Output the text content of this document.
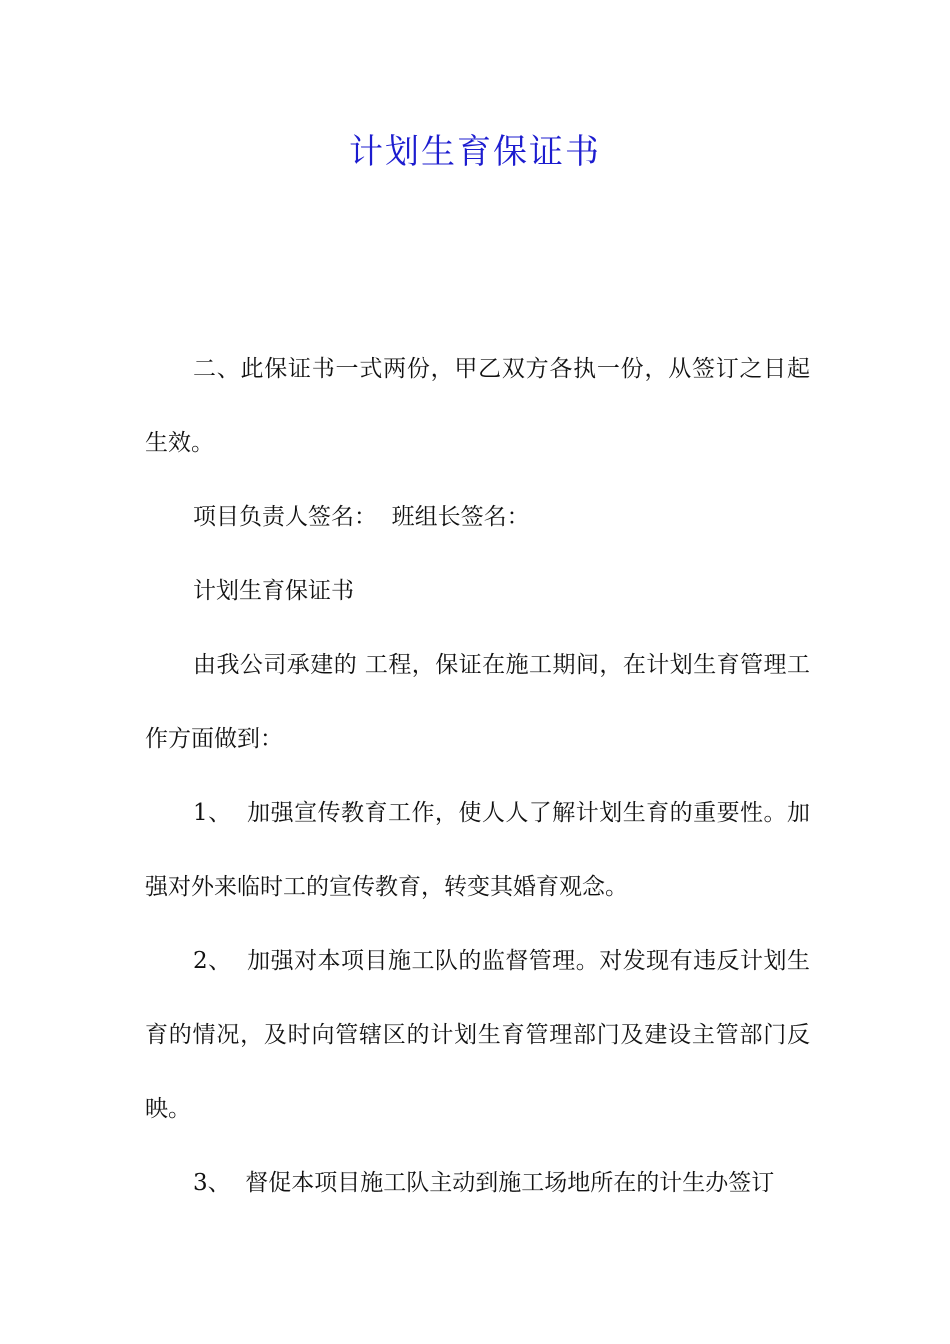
计划生育保证书

二、此保证书一式两份，甲乙双方各执一份，从签订之日起生效。

项目负责人签名：  班组长签名：

计划生育保证书

由我公司承建的 工程，保证在施工期间，在计划生育管理工作方面做到：

1、  加强宣传教育工作，使人人了解计划生育的重要性。加强对外来临时工的宣传教育，转变其婚育观念。

2、  加强对本项目施工队的监督管理。对发现有违反计划生育的情况，及时向管辖区的计划生育管理部门及建设主管部门反映。

3、  督促本项目施工队主动到施工场地所在的计生办签订
